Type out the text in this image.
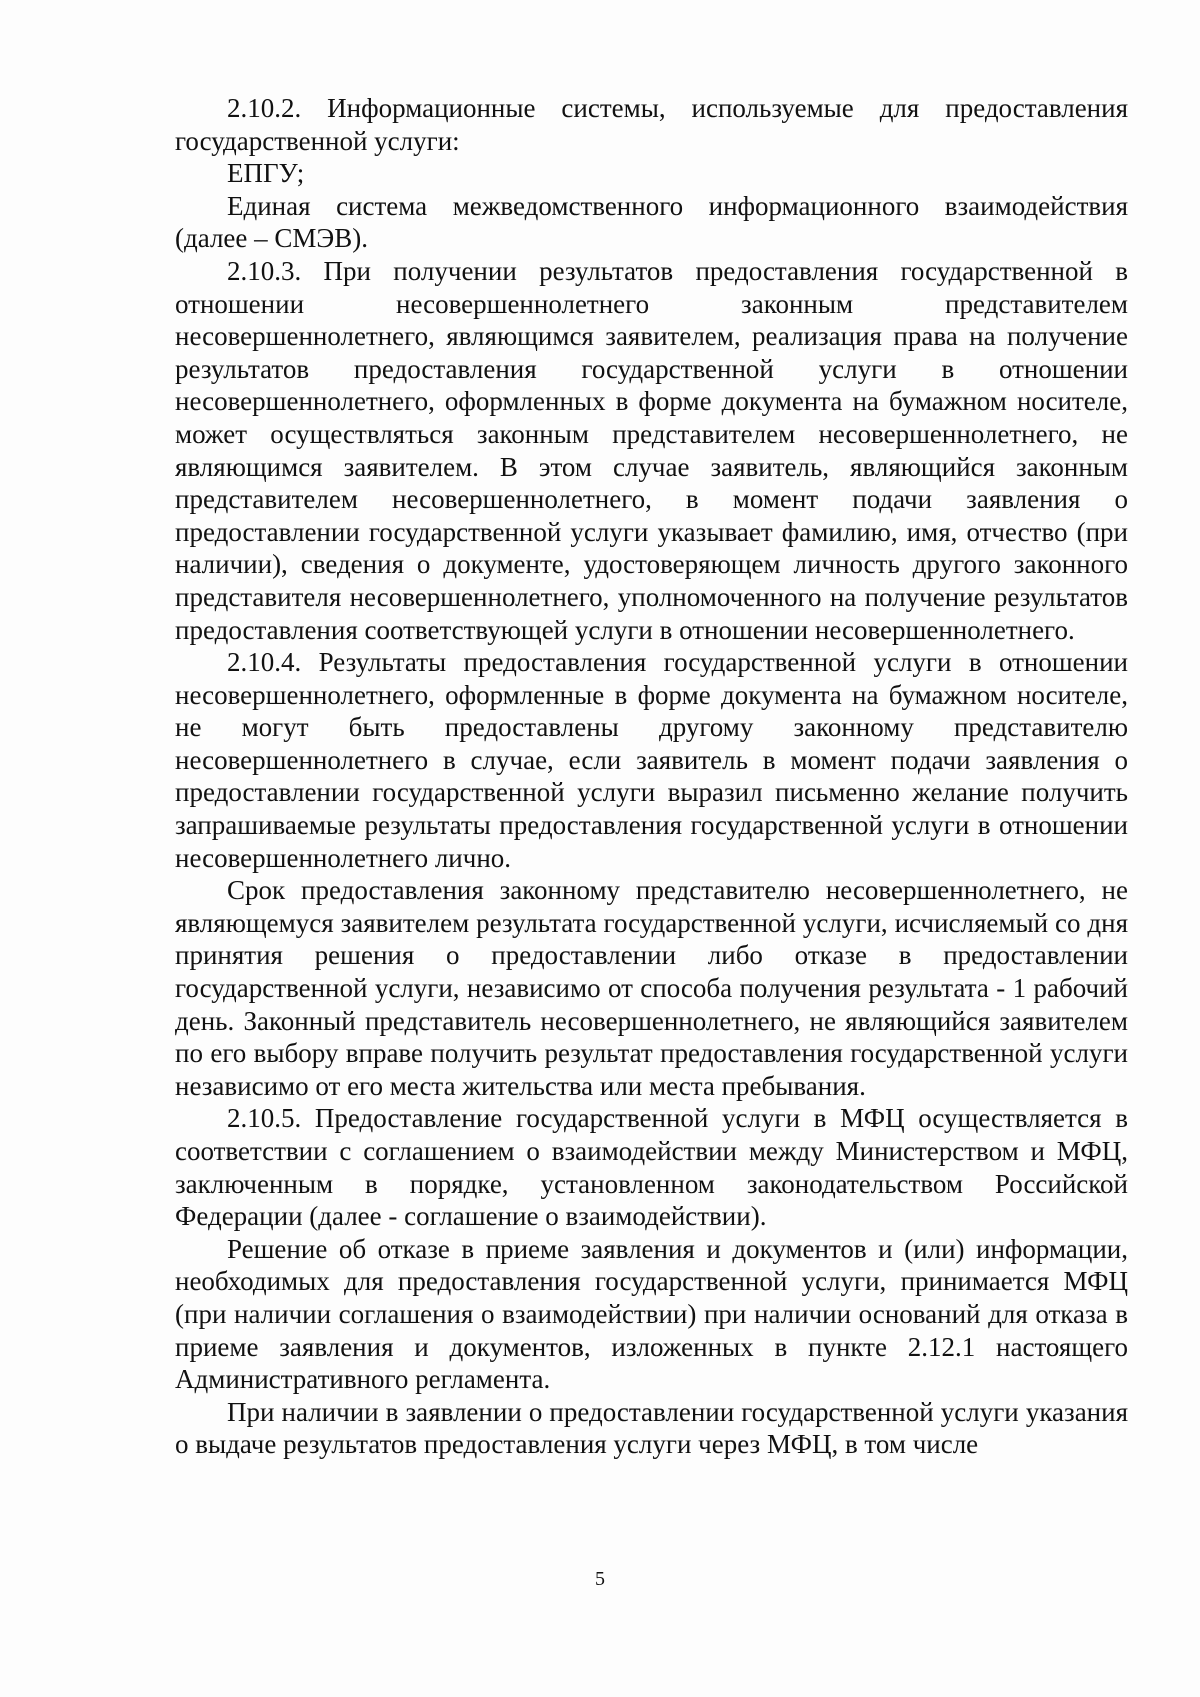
2.10.2. Информационные системы, используемые для предоставления государственной услуги:

ЕПГУ;

Единая система межведомственного информационного взаимодействия (далее – СМЭВ).

2.10.3. При получении результатов предоставления государственной в отношении несовершеннолетнего законным представителем несовершеннолетнего, являющимся заявителем, реализация права на получение результатов предоставления государственной услуги в отношении несовершеннолетнего, оформленных в форме документа на бумажном носителе, может осуществляться законным представителем несовершеннолетнего, не являющимся заявителем. В этом случае заявитель, являющийся законным представителем несовершеннолетнего, в момент подачи заявления о предоставлении государственной услуги указывает фамилию, имя, отчество (при наличии), сведения о документе, удостоверяющем личность другого законного представителя несовершеннолетнего, уполномоченного на получение результатов предоставления соответствующей услуги в отношении несовершеннолетнего.

2.10.4. Результаты предоставления государственной услуги в отношении несовершеннолетнего, оформленные в форме документа на бумажном носителе, не могут быть предоставлены другому законному представителю несовершеннолетнего в случае, если заявитель в момент подачи заявления о предоставлении государственной услуги выразил письменно желание получить запрашиваемые результаты предоставления государственной услуги в отношении несовершеннолетнего лично.

Срок предоставления законному представителю несовершеннолетнего, не являющемуся заявителем результата государственной услуги, исчисляемый со дня принятия решения о предоставлении либо отказе в предоставлении государственной услуги, независимо от способа получения результата - 1 рабочий день. Законный представитель несовершеннолетнего, не являющийся заявителем по его выбору вправе получить результат предоставления государственной услуги независимо от его места жительства или места пребывания.

2.10.5. Предоставление государственной услуги в МФЦ осуществляется в соответствии с соглашением о взаимодействии между Министерством и МФЦ, заключенным в порядке, установленном законодательством Российской Федерации (далее - соглашение о взаимодействии).

Решение об отказе в приеме заявления и документов и (или) информации, необходимых для предоставления государственной услуги, принимается МФЦ (при наличии соглашения о взаимодействии) при наличии оснований для отказа в приеме заявления и документов, изложенных в пункте 2.12.1 настоящего Административного регламента.

При наличии в заявлении о предоставлении государственной услуги указания о выдаче результатов предоставления услуги через МФЦ, в том числе

5
